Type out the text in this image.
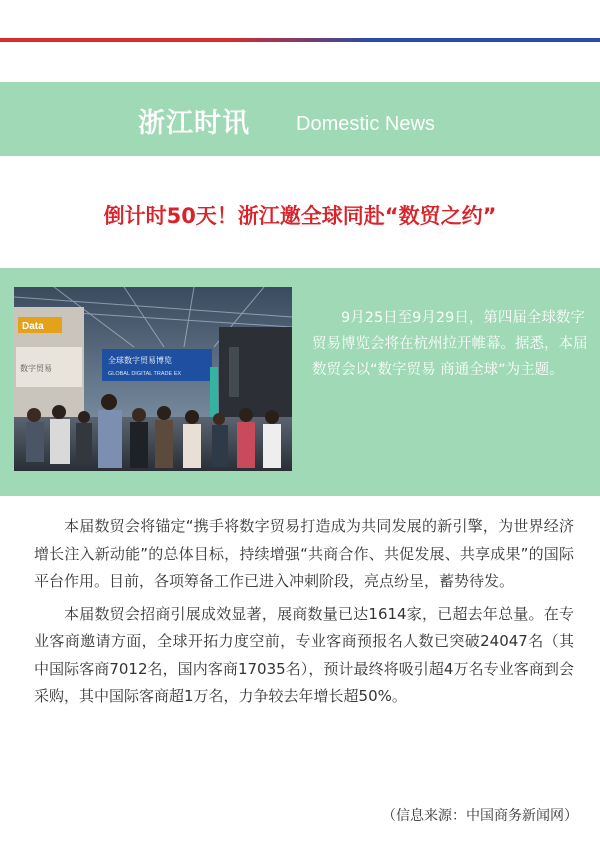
浙江时讯 Domestic News
倒计时50天！浙江邀全球同赴“数贸之约”
Data
数字贸易
全球数字贸易博览
GLOBAL DIGITAL TRADE EX
9月25日至9月29日，第四届全球数字贸易博览会将在杭州拉开帷幕。据悉，本届数贸会以“数字贸易 商通全球”为主题。

本届数贸会将锚定“携手将数字贸易打造成为共同发展的新引擎，为世界经济增长注入新动能”的总体目标，持续增强“共商合作、共促发展、共享成果”的国际平台作用。目前，各项筹备工作已进入冲刺阶段，亮点纷呈，蓄势待发。

本届数贸会招商引展成效显著，展商数量已达1614家，已超去年总量。在专业客商邀请方面，全球开拓力度空前，专业客商预报名人数已突破24047名（其中国际客商7012名，国内客商17035名），预计最终将吸引超4万名专业客商到会采购，其中国际客商超1万名，力争较去年增长超50%。

（信息来源：中国商务新闻网）
